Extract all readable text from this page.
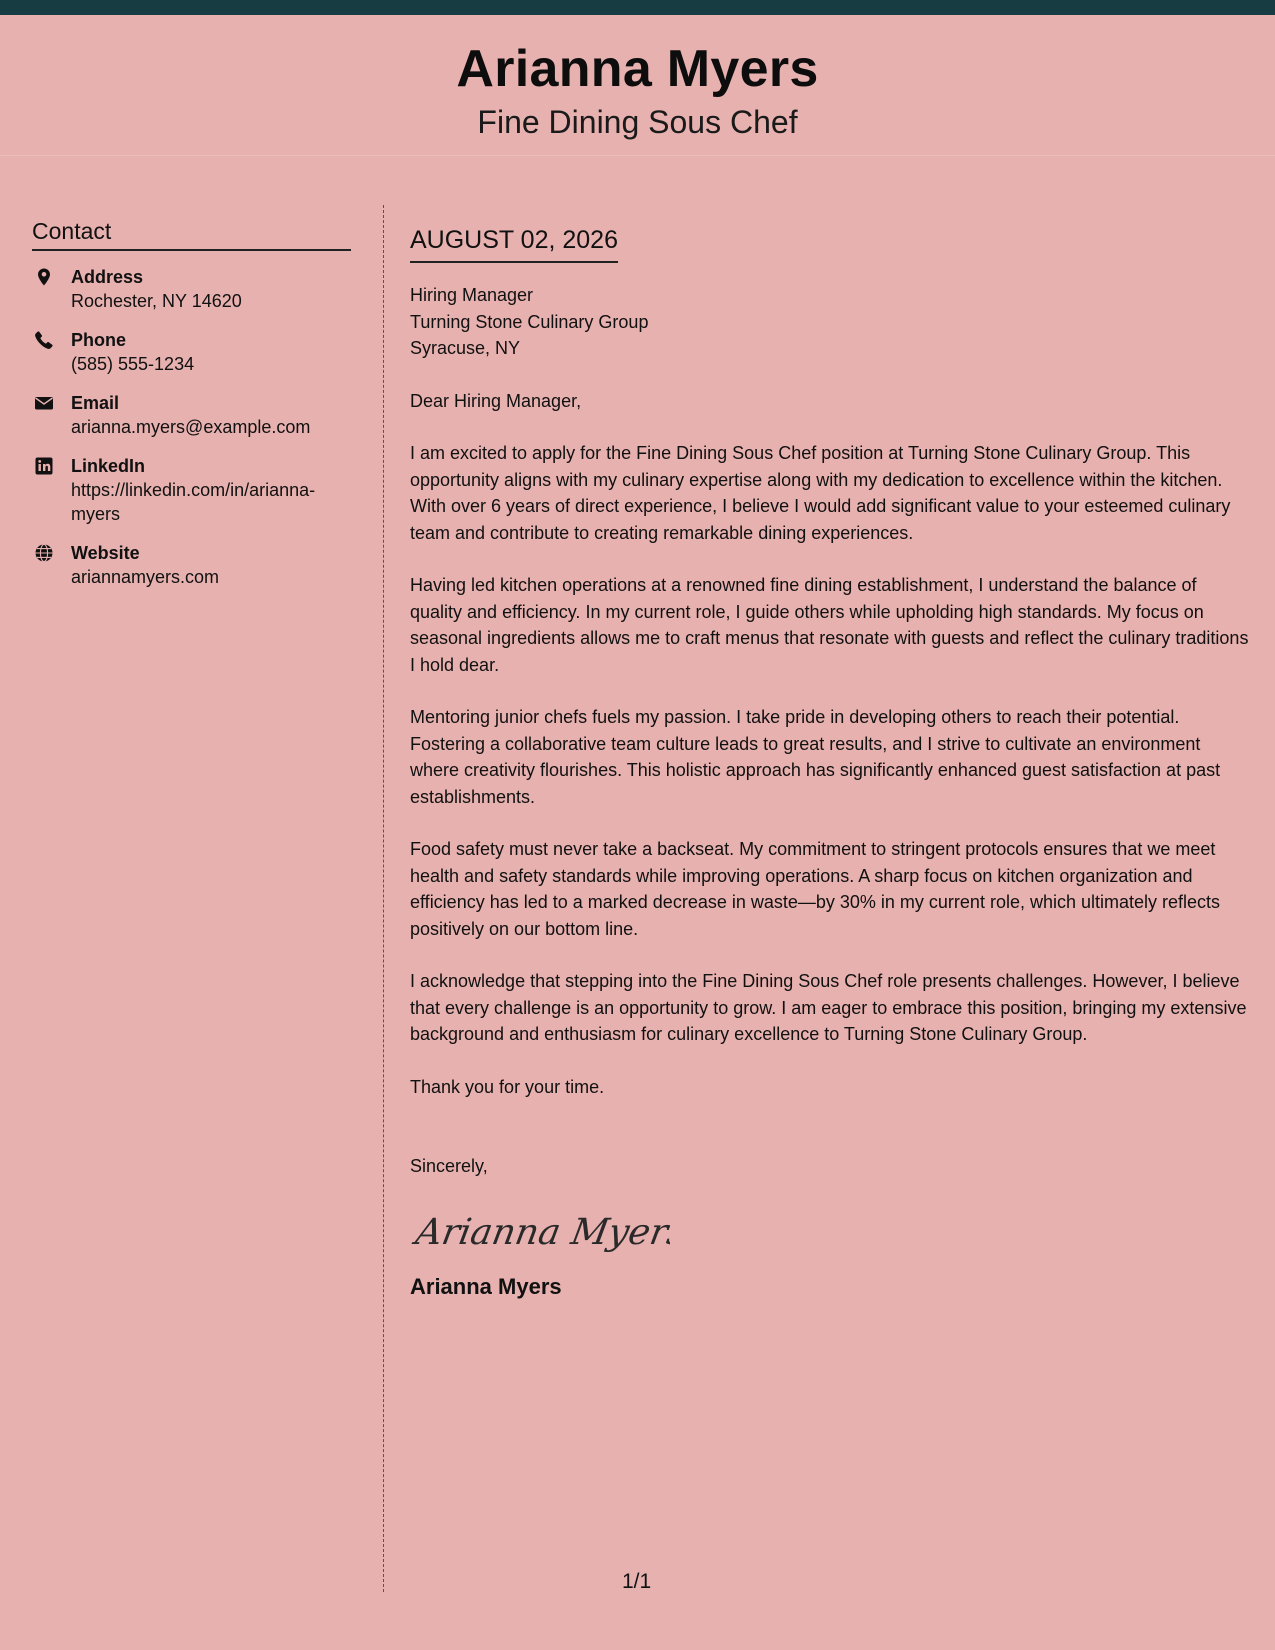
Arianna Myers
Fine Dining Sous Chef
Contact
Address
Rochester, NY 14620
Phone
(585) 555-1234
Email
arianna.myers@example.com
LinkedIn
https://linkedin.com/in/arianna-myers
Website
ariannamyers.com
AUGUST 02, 2026
Hiring Manager
Turning Stone Culinary Group
Syracuse, NY
Dear Hiring Manager,
I am excited to apply for the Fine Dining Sous Chef position at Turning Stone Culinary Group. This opportunity aligns with my culinary expertise along with my dedication to excellence within the kitchen. With over 6 years of direct experience, I believe I would add significant value to your esteemed culinary team and contribute to creating remarkable dining experiences.
Having led kitchen operations at a renowned fine dining establishment, I understand the balance of quality and efficiency. In my current role, I guide others while upholding high standards. My focus on seasonal ingredients allows me to craft menus that resonate with guests and reflect the culinary traditions I hold dear.
Mentoring junior chefs fuels my passion. I take pride in developing others to reach their potential. Fostering a collaborative team culture leads to great results, and I strive to cultivate an environment where creativity flourishes. This holistic approach has significantly enhanced guest satisfaction at past establishments.
Food safety must never take a backseat. My commitment to stringent protocols ensures that we meet health and safety standards while improving operations. A sharp focus on kitchen organization and efficiency has led to a marked decrease in waste—by 30% in my current role, which ultimately reflects positively on our bottom line.
I acknowledge that stepping into the Fine Dining Sous Chef role presents challenges. However, I believe that every challenge is an opportunity to grow. I am eager to embrace this position, bringing my extensive background and enthusiasm for culinary excellence to Turning Stone Culinary Group.
Thank you for your time.
Sincerely,
Arianna Myers
Arianna Myers
1/1
